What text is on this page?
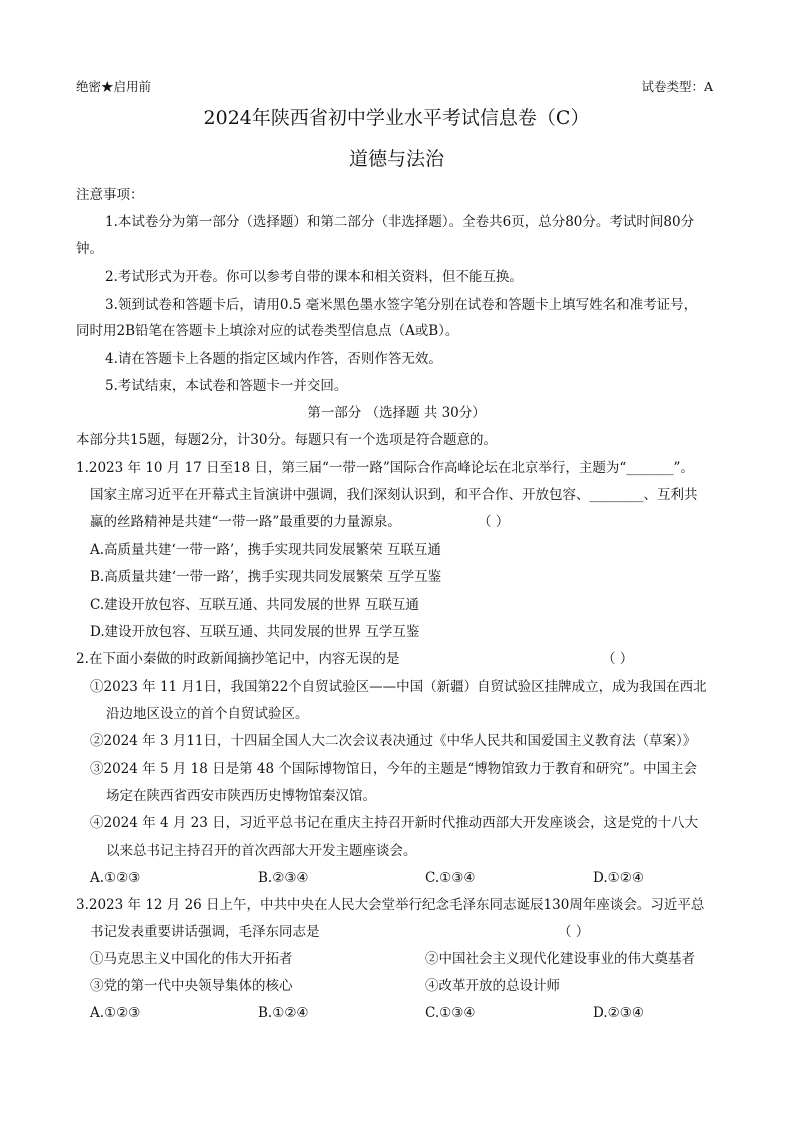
绝密★启用前	试卷类型：A
2024年陕西省初中学业水平考试信息卷（C）
道德与法治
注意事项：
1.本试卷分为第一部分（选择题）和第二部分（非选择题）。全卷共6页，总分80分。考试时间80分
钟。
2.考试形式为开卷。你可以参考自带的课本和相关资料，但不能互换。
3.领到试卷和答题卡后，请用0.5 毫米黑色墨水签字笔分别在试卷和答题卡上填写姓名和准考证号，
同时用2B铅笔在答题卡上填涂对应的试卷类型信息点（A或B）。
4.请在答题卡上各题的指定区域内作答，否则作答无效。
5.考试结束，本试卷和答题卡一并交回。
第一部分 （选择题 共 30分）
本部分共15题，每题2分，计30分。每题只有一个选项是符合题意的。
1.2023 年 10 月 17 日至18 日，第三届“一带一路”国际合作高峰论坛在北京举行，主题为“_______”。
国家主席习近平在开幕式主旨演讲中强调，我们深刻认识到，和平合作、开放包容、________、互利共
赢的丝路精神是共建“一带一路”最重要的力量源泉。	（ ）
A.高质量共建‘一带一路’，携手实现共同发展繁荣 互联互通
B.高质量共建‘一带一路’，携手实现共同发展繁荣 互学互鉴
C.建设开放包容、互联互通、共同发展的世界 互联互通
D.建设开放包容、互联互通、共同发展的世界 互学互鉴
2.在下面小秦做的时政新闻摘抄笔记中，内容无误的是	（ ）
①2023 年 11 月1日，我国第22个自贸试验区——中国（新疆）自贸试验区挂牌成立，成为我国在西北
沿边地区设立的首个自贸试验区。
②2024 年 3 月11日，十四届全国人大二次会议表决通过《中华人民共和国爱国主义教育法（草案）》
③2024 年 5 月 18 日是第 48 个国际博物馆日，今年的主题是“博物馆致力于教育和研究”。中国主会
场定在陕西省西安市陕西历史博物馆秦汉馆。
④2024 年 4 月 23 日，习近平总书记在重庆主持召开新时代推动西部大开发座谈会，这是党的十八大
以来总书记主持召开的首次西部大开发主题座谈会。
A.①②③	B.②③④	C.①③④	D.①②④
3.2023 年 12 月 26 日上午，中共中央在人民大会堂举行纪念毛泽东同志诞辰130周年座谈会。习近平总
书记发表重要讲话强调，毛泽东同志是	（ ）
①马克思主义中国化的伟大开拓者	②中国社会主义现代化建设事业的伟大奠基者
③党的第一代中央领导集体的核心	④改革开放的总设计师
A.①②③	B.①②④	C.①③④	D.②③④
